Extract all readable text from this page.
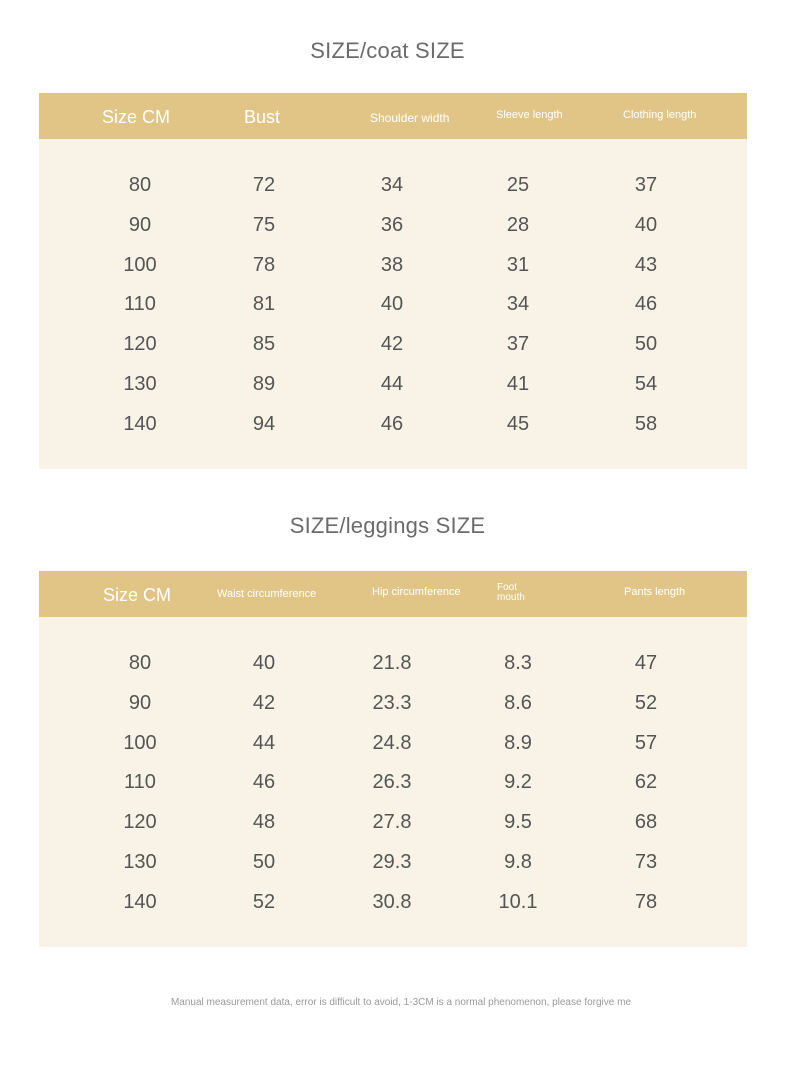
SIZE/coat SIZE
Size CM	Bust	Shoulder width	Sleeve length	Clothing length
80	72	34	25	37
90	75	36	28	40
100	78	38	31	43
110	81	40	34	46
120	85	42	37	50
130	89	44	41	54
140	94	46	45	58
SIZE/leggings SIZE
Size CM	Waist circumference	Hip circumference	Foot mouth	Pants length
80	40	21.8	8.3	47
90	42	23.3	8.6	52
100	44	24.8	8.9	57
110	46	26.3	9.2	62
120	48	27.8	9.5	68
130	50	29.3	9.8	73
140	52	30.8	10.1	78
Manual measurement data, error is difficult to avoid, 1-3CM is a normal phenomenon, please forgive me
